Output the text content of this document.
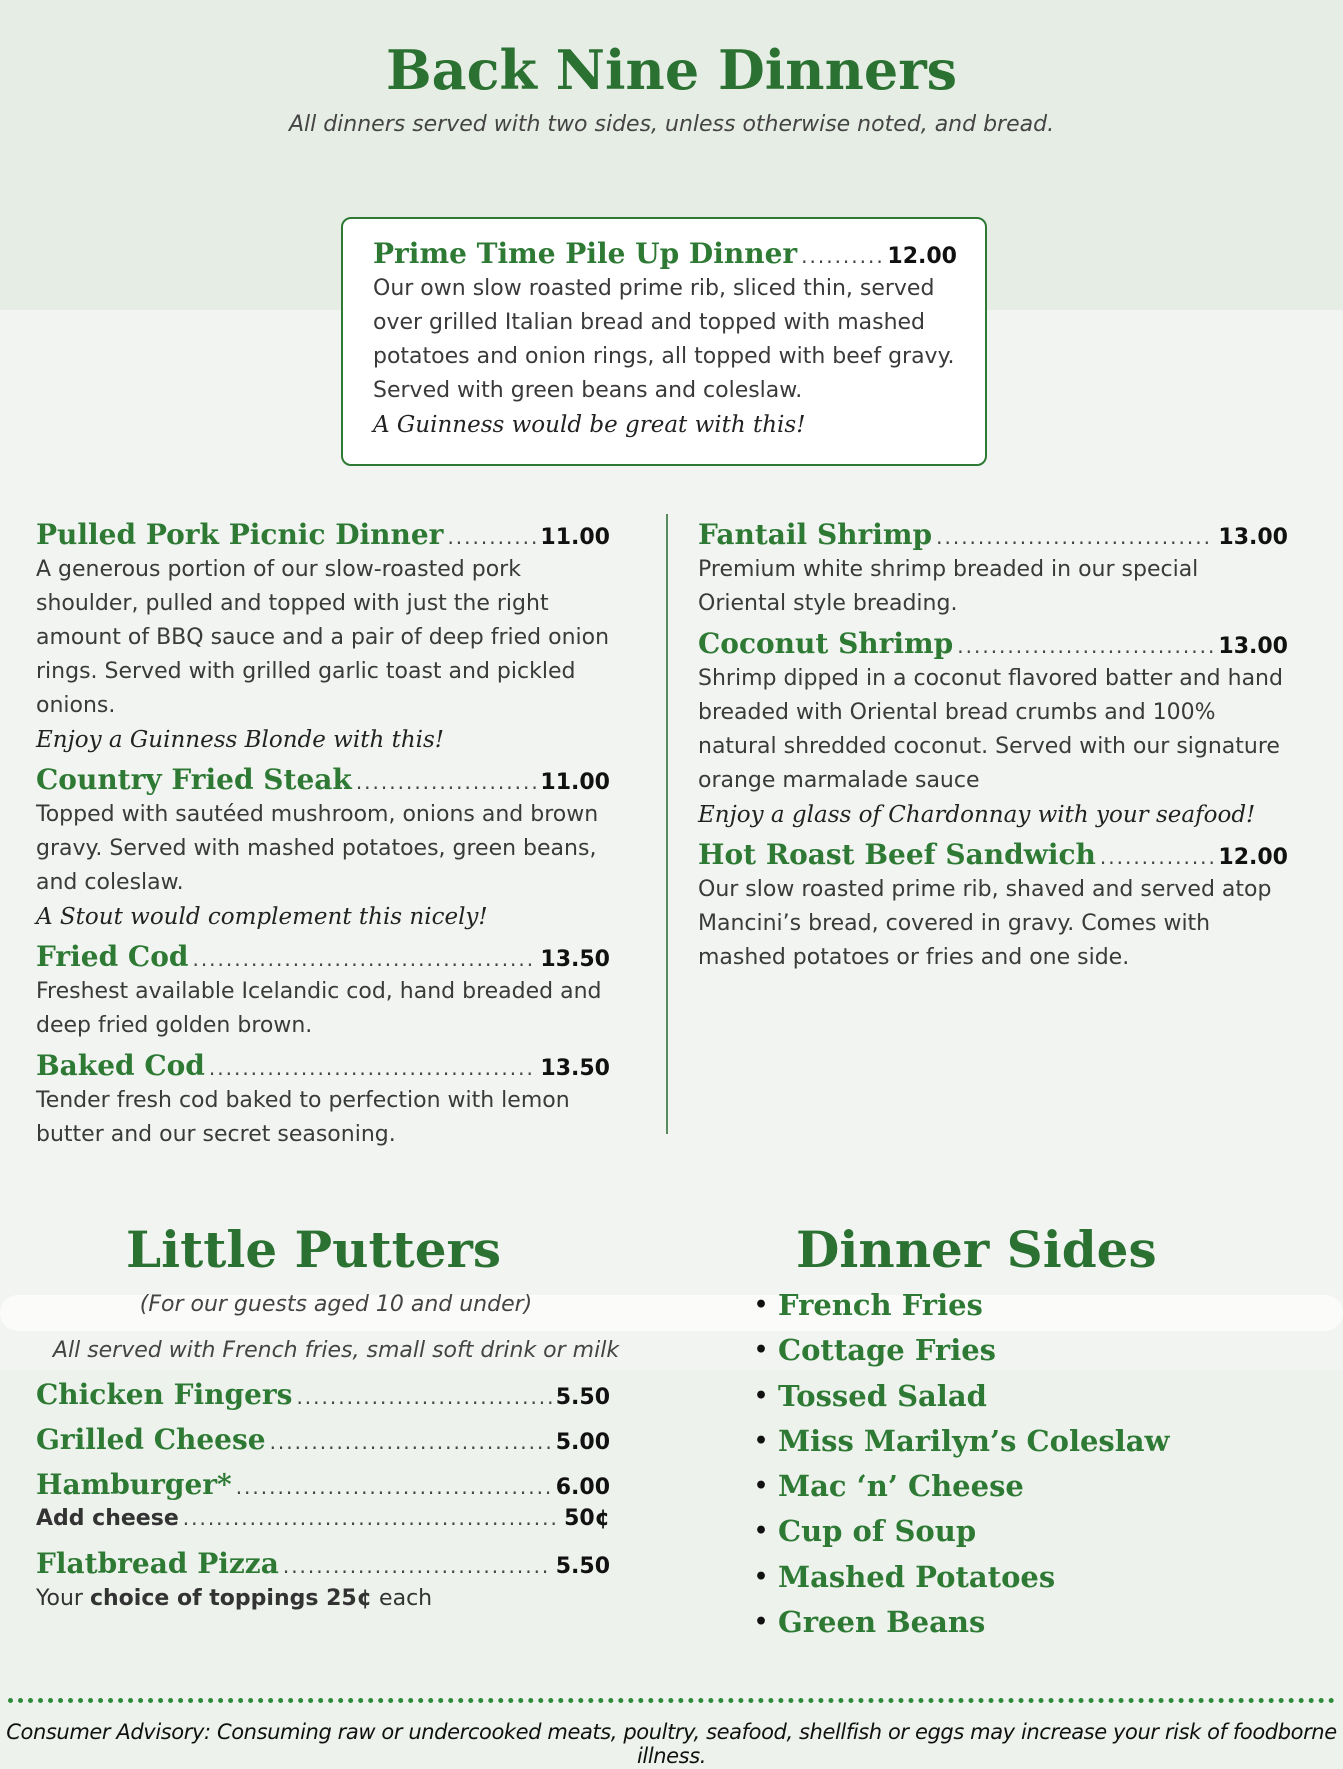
Back Nine Dinners
All dinners served with two sides, unless otherwise noted, and bread.
Prime Time Pile Up Dinner .....	12.00
Our own slow roasted prime rib, sliced thin, served over grilled Italian bread and topped with mashed potatoes and onion rings, all topped with beef gravy. Served with green beans and coleslaw.
A Guinness would be great with this!
Pulled Pork Picnic Dinner .....	11.00
A generous portion of our slow-roasted pork shoulder, pulled and topped with just the right amount of BBQ sauce and a pair of deep fried onion rings. Served with grilled garlic toast and pickled onions.
Enjoy a Guinness Blonde with this!
Country Fried Steak .....	11.00
Topped with sautéed mushroom, onions and brown gravy. Served with mashed potatoes, green beans, and coleslaw.
A Stout would complement this nicely!
Fried Cod .....	13.50
Freshest available Icelandic cod, hand breaded and deep fried golden brown.
Baked Cod .....	13.50
Tender fresh cod baked to perfection with lemon butter and our secret seasoning.
Fantail Shrimp .....	13.00
Premium white shrimp breaded in our special Oriental style breading.
Coconut Shrimp .....	13.00
Shrimp dipped in a coconut flavored batter and hand breaded with Oriental bread crumbs and 100% natural shredded coconut. Served with our signature orange marmalade sauce
Enjoy a glass of Chardonnay with your seafood!
Hot Roast Beef Sandwich .....	12.00
Our slow roasted prime rib, shaved and served atop Mancini’s bread, covered in gravy. Comes with mashed potatoes or fries and one side.
Little Putters
(For our guests aged 10 and under)
All served with French fries, small soft drink or milk
Chicken Fingers .....	5.50
Grilled Cheese .....	5.00
Hamburger* .....	6.00
Add cheese .....	50¢
Flatbread Pizza .....	5.50
Your choice of toppings 25¢ each
Dinner Sides
• French Fries
• Cottage Fries
• Tossed Salad
• Miss Marilyn’s Coleslaw
• Mac ‘n’ Cheese
• Cup of Soup
• Mashed Potatoes
• Green Beans
Consumer Advisory: Consuming raw or undercooked meats, poultry, seafood, shellfish or eggs may increase your risk of foodborne illness.
